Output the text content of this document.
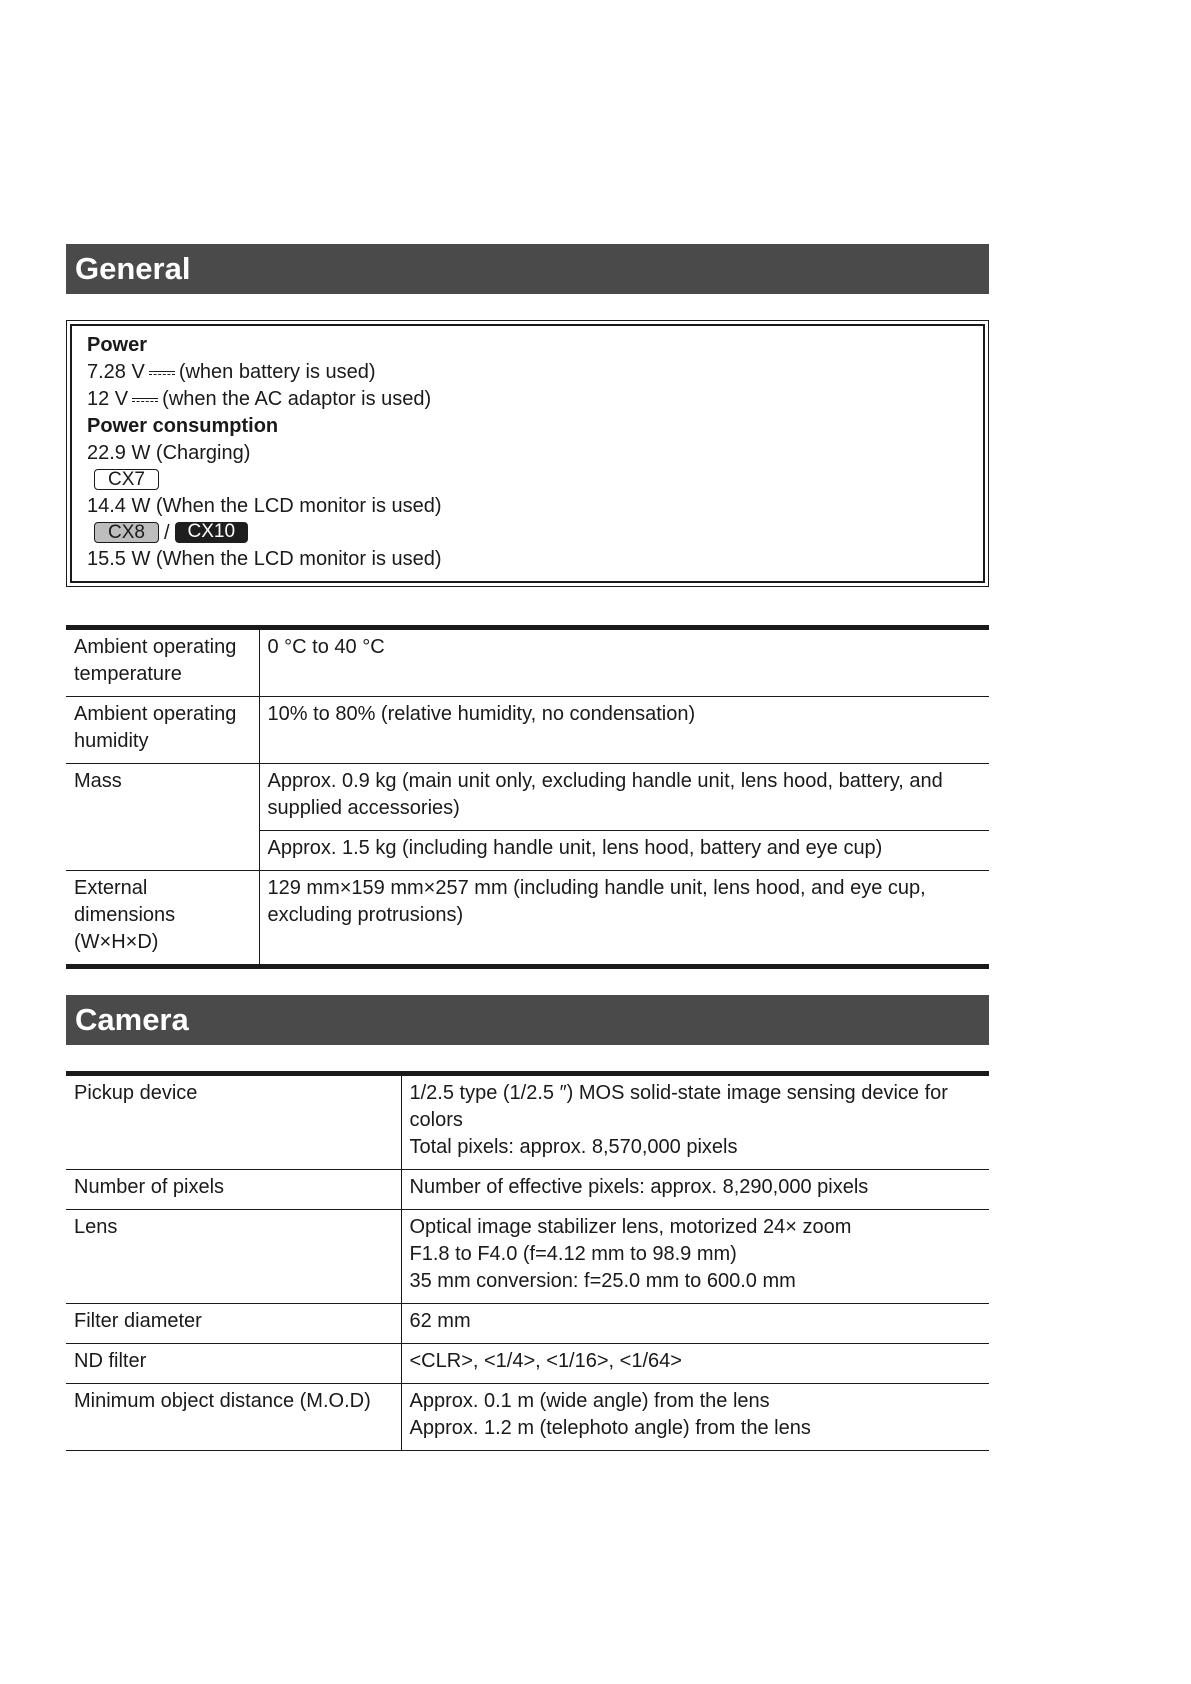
General
Power
7.28 V (when battery is used)
12 V (when the AC adaptor is used)
Power consumption
22.9 W (Charging)
CX7
14.4 W (When the LCD monitor is used)
CX8 / CX10
15.5 W (When the LCD monitor is used)
Ambient operating
temperature	0 °C to 40 °C

Ambient operating
humidity	10% to 80% (relative humidity, no condensation)
Mass	Approx. 0.9 kg (main unit only, excluding handle unit, lens hood, battery, and
supplied accessories)

	Approx. 1.5 kg (including handle unit, lens hood, battery and eye cup)

External
dimensions
(W×H×D)	129 mm×159 mm×257 mm (including handle unit, lens hood, and eye cup,
excluding protrusions)
Camera
Pickup device	1/2.5 type (1/2.5 ″) MOS solid-state image sensing device for
colors
Total pixels: approx. 8,570,000 pixels

Number of pixels	Number of effective pixels: approx. 8,290,000 pixels
Lens	Optical image stabilizer lens, motorized 24× zoom
F1.8 to F4.0 (f=4.12 mm to 98.9 mm)
35 mm conversion: f=25.0 mm to 600.0 mm

Filter diameter	62 mm
ND filter	<CLR>, <1/4>, <1/16>, <1/64>
Minimum object distance (M.O.D)	Approx. 0.1 m (wide angle) from the lens
Approx. 1.2 m (telephoto angle) from the lens
